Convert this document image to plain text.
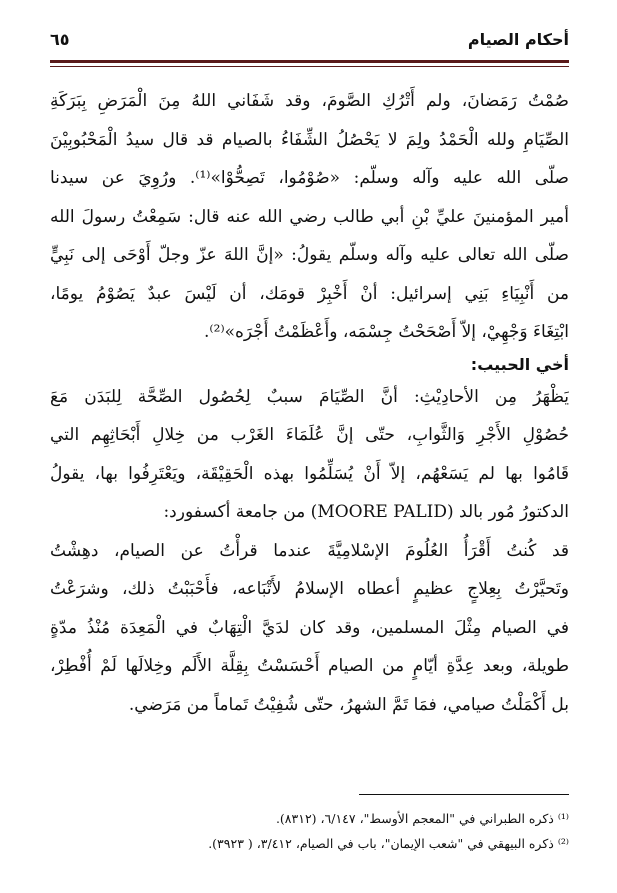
أحكام الصيام
٦٥
صُمْتُ رَمَضانَ، ولم أَتْرُكِ الصَّومَ، وقد شَفَاني اللهُ مِنَ الْمَرَضِ بِبَرَكَةِ
الصِّيَامِ ولله الْحَمْدُ ولِمَ لا يَحْصُلُ الشِّفَاءُ بالصيام قد قال سيدُ الْمَحْبُوبِيْنَ
صلّى الله عليه وآله وسلّم: «صُوْمُوا، تَصِحُّوْا»⁽¹⁾. ورُوِيَ عن سيدنا
أمير المؤمنينَ عليِّ بْنِ أبي طالب رضي الله عنه قال: سَمِعْتُ رسولَ الله
صلّى الله تعالى عليه وآله وسلّم يقولُ: «إنَّ اللهَ عزّ وجلّ أَوْحَى إلى نَبِيٍّ
من أَنْبِيَاءِ بَنِي إسرائيل: أنْ أَخْبِرْ قومَك، أن لَيْسَ عبدٌ يَصُوْمُ يومًا،
ابْتِغَاءَ وَجْهِيْ، إلاّ أَصْحَحْتُ جِسْمَه، وأَعْظَمْتُ أَجْرَه»⁽²⁾.
أخي الحبيب:
يَظْهَرُ مِن الأحادِيْثِ: أنَّ الصِّيَامَ سببٌ لِحُصُول الصِّحَّة لِلبَدَن مَعَ
حُصُوْلِ الأَجْرِ وَالثَّوابِ، حتّى إنَّ عُلَمَاءَ الغَرْب من خِلالِ أَبْحَاثِهِم التي
قَامُوا بها لم يَسَعْهُم، إلاّ أَنْ يُسَلِّمُوا بهذه الْحَقِيْقَة، ويَعْتَرِفُوا بها، يقولُ
الدكتورُ مُور بالد (MOORE PALID) من جامعة أكسفورد:
قد كُنتُ أَقْرَأُ العُلُومَ الإسْلامِيَّةَ عندما قرأْتُ عن الصيام، دهِشْتُ
وتَحيَّرْتُ بِعِلاجٍ عظيمٍ أعطاه الإسلامُ لأَتْبَاعه، فأَحْبَبْتُ ذلك، وشرَعْتُ
في الصيام مِثْلَ المسلمين، وقد كان لدَيَّ الْتِهَابٌ في الْمَعِدَة مُنْذُ مدّةٍ
طويلة، وبعد عِدَّةِ أيّامٍ من الصيام أَحْسَسْتُ بِقِلَّة الأَلَم وخِلالَها لَمْ أُفْطِرْ،
بل أَكْمَلْتُ صيامي، فمَا تَمَّ الشهرُ، حتّى شُفِيْتُ تَماماً من مَرَضي.
⁽¹⁾ ذكره الطبراني في "المعجم الأوسط"، ٦/١٤٧، (٨٣١٢).
⁽²⁾ ذكره البيهقي في "شعب الإيمان"، باب في الصيام، ٣/٤١٢، ( ٣٩٢٣).
